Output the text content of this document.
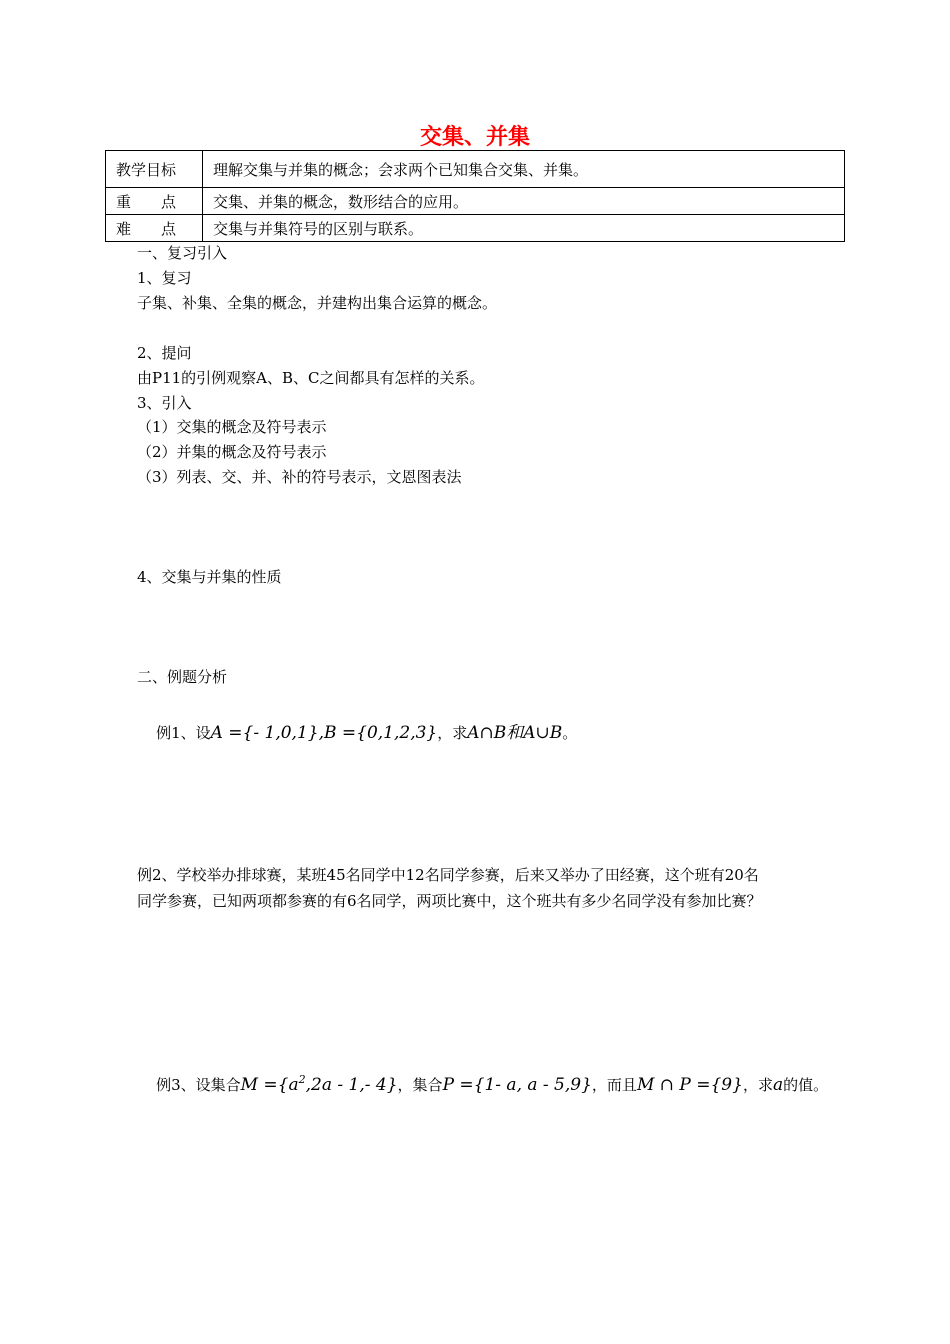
交集、并集
教学目标	理解交集与并集的概念；会求两个已知集合交集、并集。
重　　点	交集、并集的概念，数形结合的应用。
难　　点	交集与并集符号的区别与联系。
一、复习引入
1、复习
子集、补集、全集的概念，并建构出集合运算的概念。
2、提问
由P11的引例观察A、B、C之间都具有怎样的关系。
3、引入
（1）交集的概念及符号表示
（2）并集的概念及符号表示
（3）列表、交、并、补的符号表示，文恩图表法
4、交集与并集的性质
二、例题分析

例1、设A ={- 1,0,1},B ={0,1,2,3}，求A∩B和A∪B。

例2、学校举办排球赛，某班45名同学中12名同学参赛，后来又举办了田经赛，这个班有20名
同学参赛，已知两项都参赛的有6名同学，两项比赛中，这个班共有多少名同学没有参加比赛？

例3、设集合$M =\{a^2,2a - 1,-$ 4}，集合P ={1- a, a - 5,9}，而且M ∩ P ={9}，求a的值。
